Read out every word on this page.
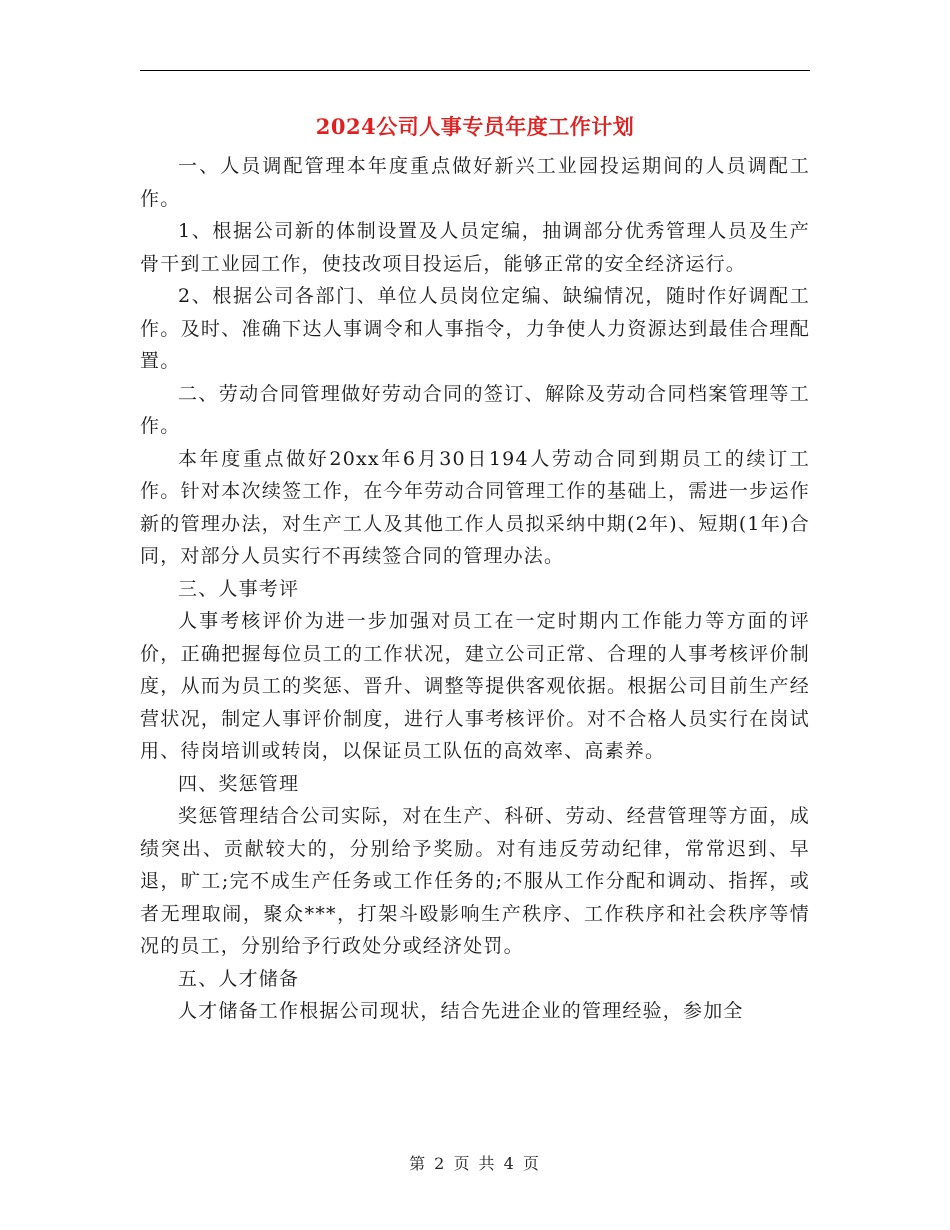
2024公司人事专员年度工作计划

一、人员调配管理本年度重点做好新兴工业园投运期间的人员调配工作。

1、根据公司新的体制设置及人员定编，抽调部分优秀管理人员及生产骨干到工业园工作，使技改项目投运后，能够正常的安全经济运行。

2、根据公司各部门、单位人员岗位定编、缺编情况，随时作好调配工作。及时、准确下达人事调令和人事指令，力争使人力资源达到最佳合理配置。

二、劳动合同管理做好劳动合同的签订、解除及劳动合同档案管理等工作。

本年度重点做好20xx年6月30日194人劳动合同到期员工的续订工作。针对本次续签工作，在今年劳动合同管理工作的基础上，需进一步运作新的管理办法，对生产工人及其他工作人员拟采纳中期(2年)、短期(1年)合同，对部分人员实行不再续签合同的管理办法。

三、人事考评

人事考核评价为进一步加强对员工在一定时期内工作能力等方面的评价，正确把握每位员工的工作状况，建立公司正常、合理的人事考核评价制度，从而为员工的奖惩、晋升、调整等提供客观依据。根据公司目前生产经营状况，制定人事评价制度，进行人事考核评价。对不合格人员实行在岗试用、待岗培训或转岗，以保证员工队伍的高效率、高素养。

四、奖惩管理

奖惩管理结合公司实际，对在生产、科研、劳动、经营管理等方面，成绩突出、贡献较大的，分别给予奖励。对有违反劳动纪律，常常迟到、早退，旷工;完不成生产任务或工作任务的;不服从工作分配和调动、指挥，或者无理取闹，聚众***，打架斗殴影响生产秩序、工作秩序和社会秩序等情况的员工，分别给予行政处分或经济处罚。

五、人才储备

人才储备工作根据公司现状，结合先进企业的管理经验，参加全

第 2 页 共 4 页
